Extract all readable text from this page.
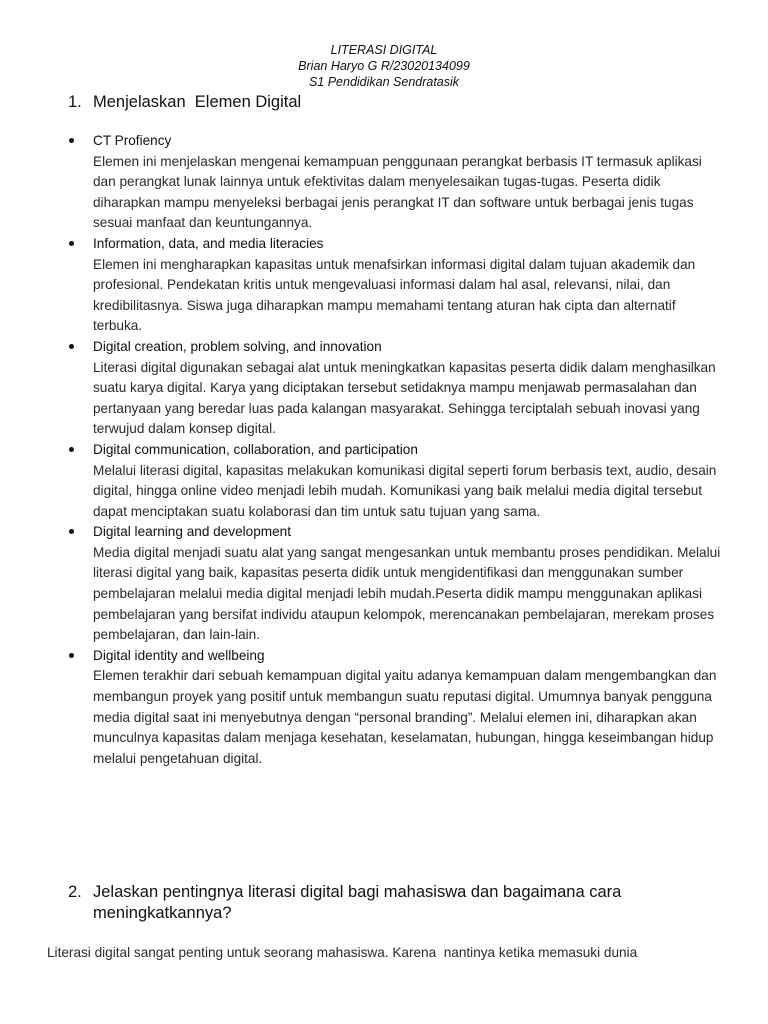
LITERASI DIGITAL
Brian Haryo G R/23020134099
S1 Pendidikan Sendratasik
1. Menjelaskan  Elemen Digital
CT Profiency
Elemen ini menjelaskan mengenai kemampuan penggunaan perangkat berbasis IT termasuk aplikasi dan perangkat lunak lainnya untuk efektivitas dalam menyelesaikan tugas-tugas. Peserta didik diharapkan mampu menyeleksi berbagai jenis perangkat IT dan software untuk berbagai jenis tugas sesuai manfaat dan keuntungannya.
Information, data, and media literacies
Elemen ini mengharapkan kapasitas untuk menafsirkan informasi digital dalam tujuan akademik dan profesional. Pendekatan kritis untuk mengevaluasi informasi dalam hal asal, relevansi, nilai, dan kredibilitasnya. Siswa juga diharapkan mampu memahami tentang aturan hak cipta dan alternatif terbuka.
Digital creation, problem solving, and innovation
Literasi digital digunakan sebagai alat untuk meningkatkan kapasitas peserta didik dalam menghasilkan suatu karya digital. Karya yang diciptakan tersebut setidaknya mampu menjawab permasalahan dan pertanyaan yang beredar luas pada kalangan masyarakat. Sehingga terciptalah sebuah inovasi yang terwujud dalam konsep digital.
Digital communication, collaboration, and participation
Melalui literasi digital, kapasitas melakukan komunikasi digital seperti forum berbasis text, audio, desain digital, hingga online video menjadi lebih mudah. Komunikasi yang baik melalui media digital tersebut dapat menciptakan suatu kolaborasi dan tim untuk satu tujuan yang sama.
Digital learning and development
Media digital menjadi suatu alat yang sangat mengesankan untuk membantu proses pendidikan. Melalui literasi digital yang baik, kapasitas peserta didik untuk mengidentifikasi dan menggunakan sumber pembelajaran melalui media digital menjadi lebih mudah.Peserta didik mampu menggunakan aplikasi pembelajaran yang bersifat individu ataupun kelompok, merencanakan pembelajaran, merekam proses pembelajaran, dan lain-lain.
Digital identity and wellbeing
Elemen terakhir dari sebuah kemampuan digital yaitu adanya kemampuan dalam mengembangkan dan membangun proyek yang positif untuk membangun suatu reputasi digital. Umumnya banyak pengguna media digital saat ini menyebutnya dengan “personal branding”. Melalui elemen ini, diharapkan akan munculnya kapasitas dalam menjaga kesehatan, keselamatan, hubungan, hingga keseimbangan hidup melalui pengetahuan digital.
2. Jelaskan pentingnya literasi digital bagi mahasiswa dan bagaimana cara meningkatkannya?
Literasi digital sangat penting untuk seorang mahasiswa. Karena  nantinya ketika memasuki dunia
